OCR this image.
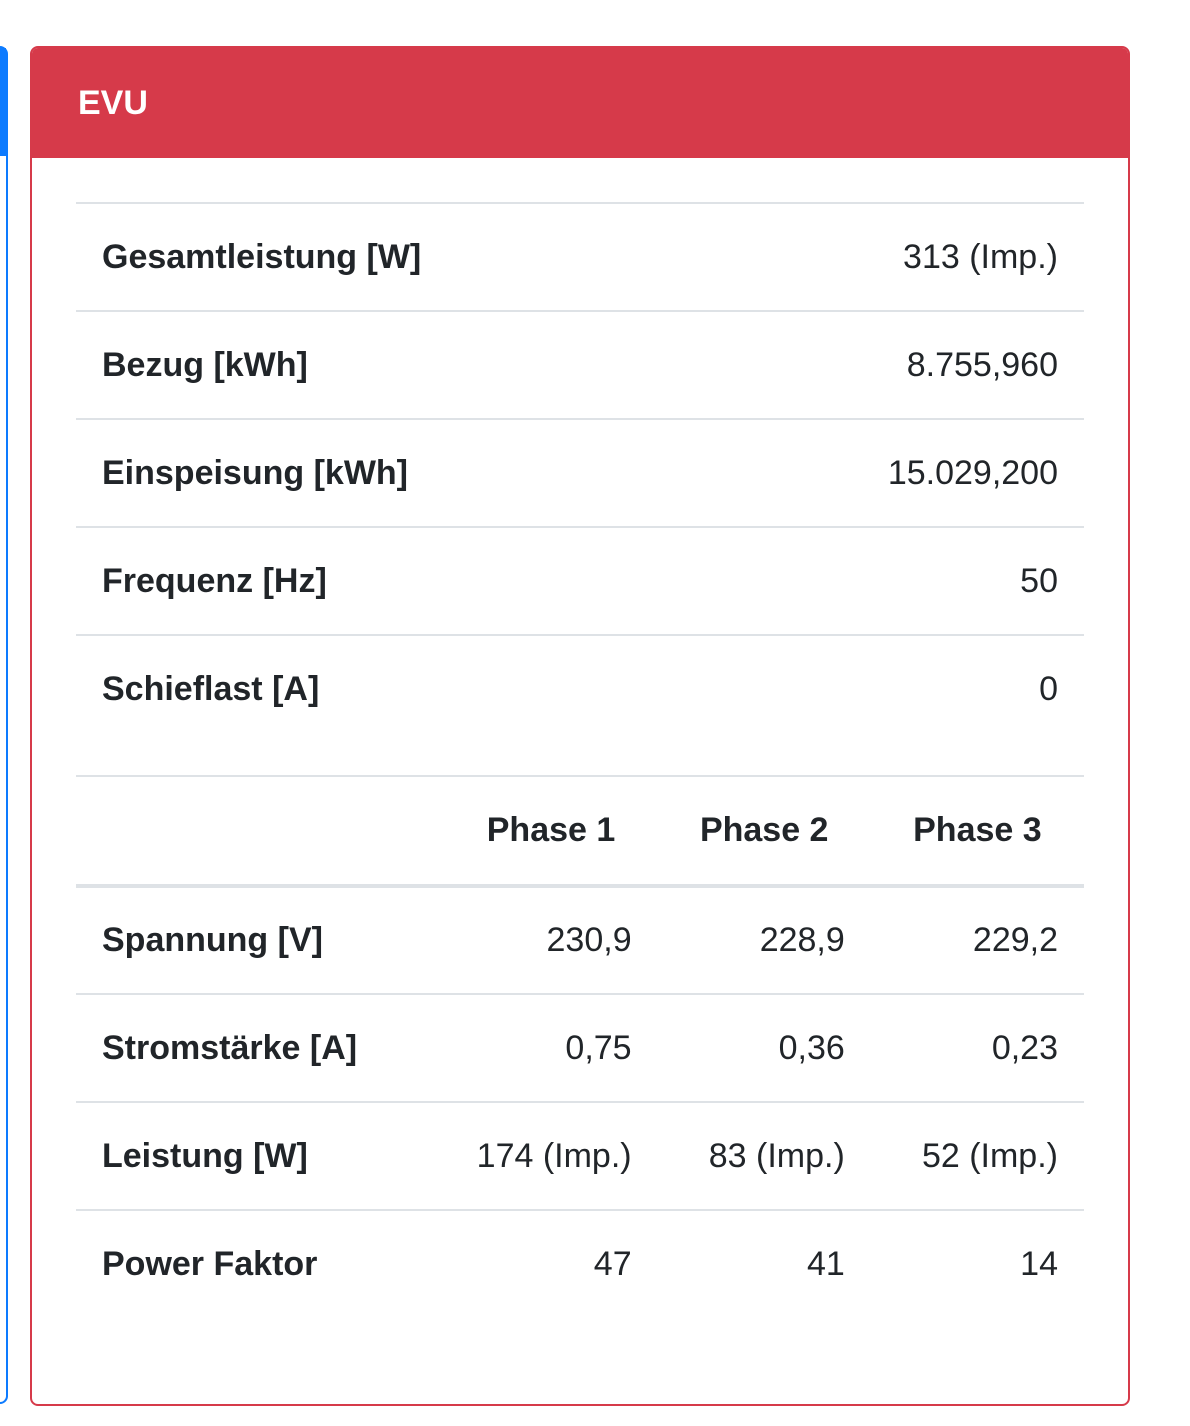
EVU
Gesamtleistung [W]	313 (Imp.)
Bezug [kWh]	8.755,960
Einspeisung [kWh]	15.029,200
Frequenz [Hz]	50
Schieflast [A]	0
	Phase 1	Phase 2	Phase 3
Spannung [V]	230,9	228,9	229,2
Stromstärke [A]	0,75	0,36	0,23
Leistung [W]	174 (Imp.)	83 (Imp.)	52 (Imp.)
Power Faktor	47	41	14
